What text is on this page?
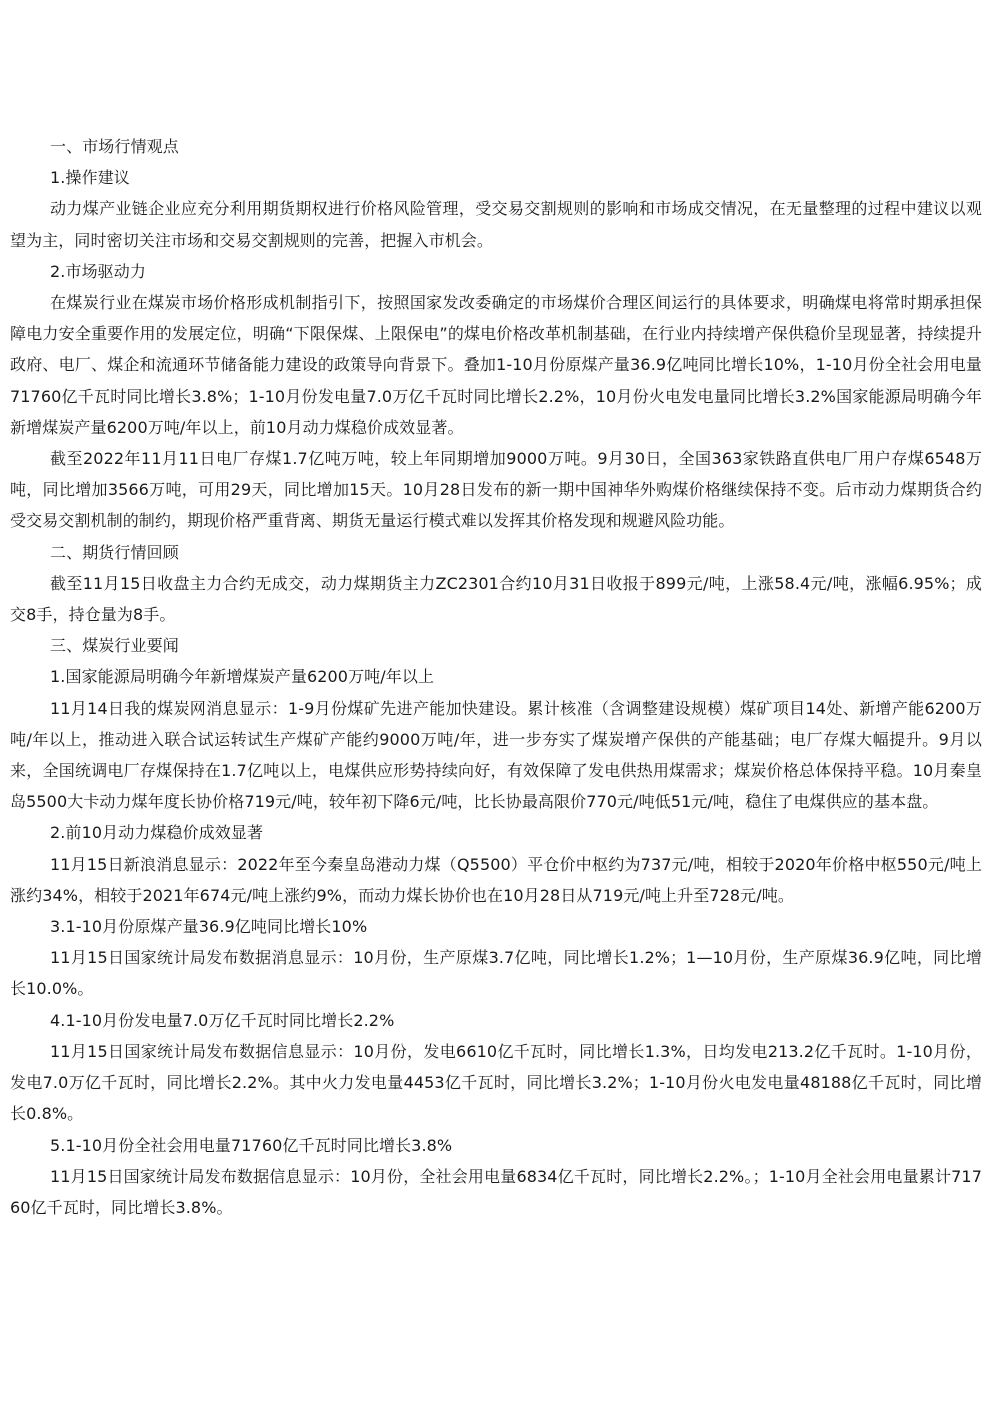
一、市场行情观点

1.操作建议

动力煤产业链企业应充分利用期货期权进行价格风险管理，受交易交割规则的影响和市场成交情况，在无量整理的过程中建议以观望为主，同时密切关注市场和交易交割规则的完善，把握入市机会。

2.市场驱动力

在煤炭行业在煤炭市场价格形成机制指引下，按照国家发改委确定的市场煤价合理区间运行的具体要求，明确煤电将常时期承担保障电力安全重要作用的发展定位，明确“下限保煤、上限保电”的煤电价格改革机制基础，在行业内持续增产保供稳价呈现显著，持续提升政府、电厂、煤企和流通环节储备能力建设的政策导向背景下。叠加1-10月份原煤产量36.9亿吨同比增长10%，1-10月份全社会用电量71760亿千瓦时同比增长3.8%；1-10月份发电量7.0万亿千瓦时同比增长2.2%，10月份火电发电量同比增长3.2%国家能源局明确今年新增煤炭产量6200万吨/年以上，前10月动力煤稳价成效显著。

截至2022年11月11日电厂存煤1.7亿吨万吨，较上年同期增加9000万吨。9月30日，全国363家铁路直供电厂用户存煤6548万吨，同比增加3566万吨，可用29天，同比增加15天。10月28日发布的新一期中国神华外购煤价格继续保持不变。后市动力煤期货合约受交易交割机制的制约，期现价格严重背离、期货无量运行模式难以发挥其价格发现和规避风险功能。

二、期货行情回顾

截至11月15日收盘主力合约无成交，动力煤期货主力ZC2301合约10月31日收报于899元/吨，上涨58.4元/吨，涨幅6.95%；成交8手，持仓量为8手。

三、煤炭行业要闻

1.国家能源局明确今年新增煤炭产量6200万吨/年以上

11月14日我的煤炭网消息显示：1-9月份煤矿先进产能加快建设。累计核准（含调整建设规模）煤矿项目14处、新增产能6200万吨/年以上，推动进入联合试运转试生产煤矿产能约9000万吨/年，进一步夯实了煤炭增产保供的产能基础；电厂存煤大幅提升。9月以来，全国统调电厂存煤保持在1.7亿吨以上，电煤供应形势持续向好，有效保障了发电供热用煤需求；煤炭价格总体保持平稳。10月秦皇岛5500大卡动力煤年度长协价格719元/吨，较年初下降6元/吨，比长协最高限价770元/吨低51元/吨，稳住了电煤供应的基本盘。

2.前10月动力煤稳价成效显著

11月15日新浪消息显示：2022年至今秦皇岛港动力煤（Q5500）平仓价中枢约为737元/吨，相较于2020年价格中枢550元/吨上涨约34%，相较于2021年674元/吨上涨约9%，而动力煤长协价也在10月28日从719元/吨上升至728元/吨。

3.1-10月份原煤产量36.9亿吨同比增长10%

11月15日国家统计局发布数据消息显示：10月份，生产原煤3.7亿吨，同比增长1.2%；1—10月份，生产原煤36.9亿吨，同比增长10.0%。

4.1-10月份发电量7.0万亿千瓦时同比增长2.2%

11月15日国家统计局发布数据信息显示：10月份，发电6610亿千瓦时，同比增长1.3%，日均发电213.2亿千瓦时。1-10月份，发电7.0万亿千瓦时，同比增长2.2%。其中火力发电量4453亿千瓦时，同比增长3.2%；1-10月份火电发电量48188亿千瓦时，同比增长0.8%。

5.1-10月份全社会用电量71760亿千瓦时同比增长3.8%

11月15日国家统计局发布数据信息显示：10月份，全社会用电量6834亿千瓦时，同比增长2.2%。；1-10月全社会用电量累计71760亿千瓦时，同比增长3.8%。
